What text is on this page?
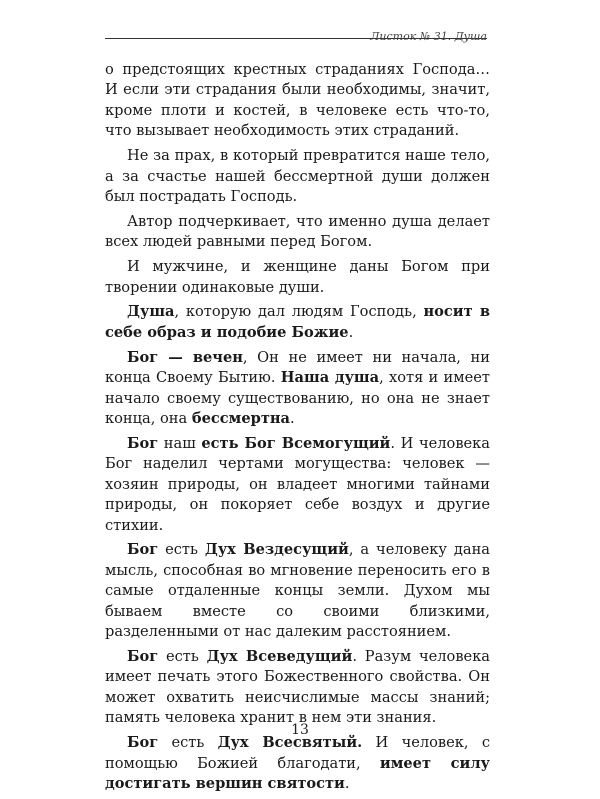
$_{Листок № 31. Душа}$

о предстоящих крестных страданиях Господа… И если эти страдания были необходимы, значит, кроме плоти и костей, в человеке есть что-то, что вызывает необходимость этих страданий.

Не за прах, в который превратится наше тело, а за счастье нашей бессмертной души должен был пострадать Господь.

Автор подчеркивает, что именно душа делает всех людей равными перед Богом.

И мужчине, и женщине даны Богом при творении одинаковые души.

Душа, которую дал людям Господь, носит в себе образ и подобие Божие.

Бог — вечен, Он не имеет ни начала, ни конца Своему Бытию. Наша душа, хотя и имеет начало своему существованию, но она не знает конца, она бессмертна.

Бог наш есть Бог Всемогущий. И человека Бог наделил чертами могущества: человек — хозяин природы, он владеет многими тайнами природы, он покоряет себе воздух и другие стихии.

Бог есть Дух Вездесущий, а человеку дана мысль, способная во мгновение переносить его в самые отдаленные концы земли. Духом мы бываем вместе со своими близкими, разделенными от нас далеким расстоянием.

Бог есть Дух Всеведущий. Разум человека имеет печать этого Божественного свойства. Он может охватить неисчислимые массы знаний; память человека хранит в нем эти знания.

Бог есть Дух Всесвятый. И человек, с помощью Божией благодати, имеет силу достигать вершин святости.

13
